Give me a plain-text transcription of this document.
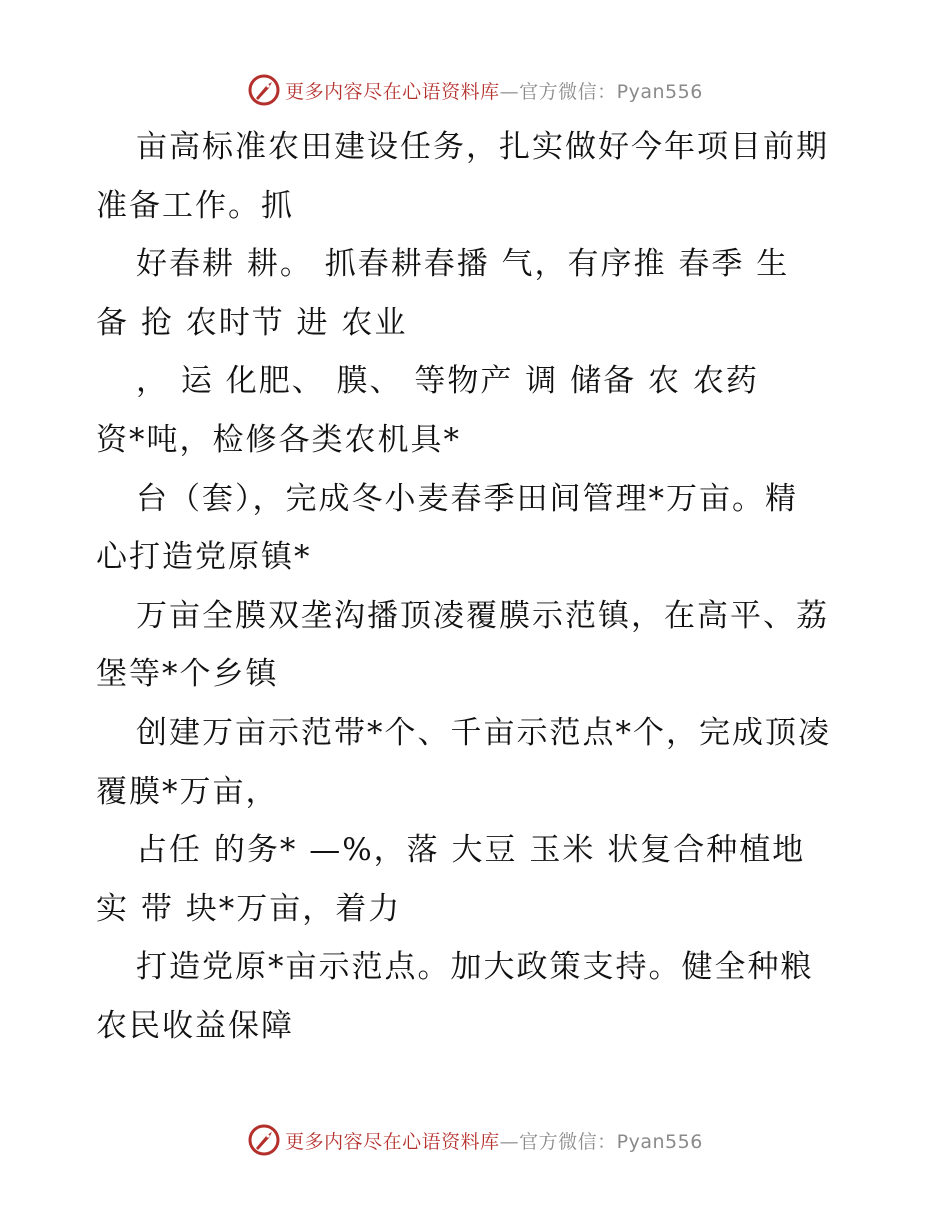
更多内容尽在心语资料库—官方微信：Pyan556
亩高标准农田建设任务，扎实做好今年项目前期
准备工作。抓
好春耕 耕。 抓春耕春播 气，有序推 春季 生
备 抢 农时节 进 农业
， 运 化肥、 膜、 等物产 调 储备 农 农药
资*吨，检修各类农机具*
台（套），完成冬小麦春季田间管理*万亩。精
心打造党原镇*
万亩全膜双垄沟播顶凌覆膜示范镇，在高平、荔
堡等*个乡镇
创建万亩示范带*个、千亩示范点*个，完成顶凌
覆膜*万亩，
占任 的务* —%，落 大豆 玉米 状复合种植地
实 带 块*万亩，着力
打造党原*亩示范点。加大政策支持。健全种粮
农民收益保障
更多内容尽在心语资料库—官方微信：Pyan556
